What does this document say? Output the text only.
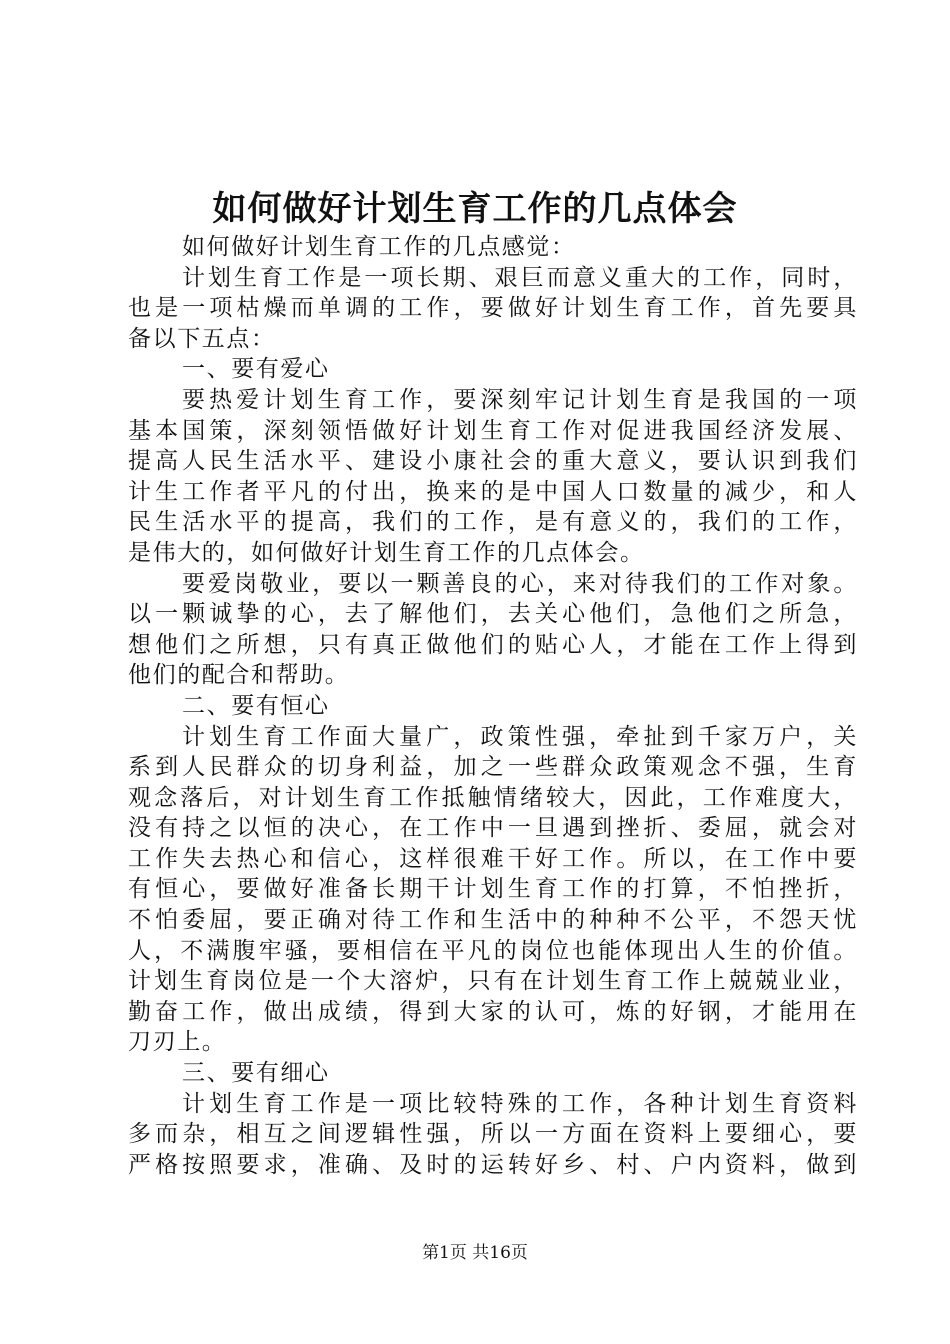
如何做好计划生育工作的几点体会
如何做好计划生育工作的几点感觉：
计划生育工作是一项长期、艰巨而意义重大的工作，同时，
也是一项枯燥而单调的工作，要做好计划生育工作，首先要具
备以下五点：
一、要有爱心
要热爱计划生育工作，要深刻牢记计划生育是我国的一项
基本国策，深刻领悟做好计划生育工作对促进我国经济发展、
提高人民生活水平、建设小康社会的重大意义，要认识到我们
计生工作者平凡的付出，换来的是中国人口数量的减少，和人
民生活水平的提高，我们的工作，是有意义的，我们的工作，
是伟大的，如何做好计划生育工作的几点体会。
要爱岗敬业，要以一颗善良的心，来对待我们的工作对象。
以一颗诚挚的心，去了解他们，去关心他们，急他们之所急，
想他们之所想，只有真正做他们的贴心人，才能在工作上得到
他们的配合和帮助。
二、要有恒心
计划生育工作面大量广，政策性强，牵扯到千家万户，关
系到人民群众的切身利益，加之一些群众政策观念不强，生育
观念落后，对计划生育工作抵触情绪较大，因此，工作难度大，
没有持之以恒的决心，在工作中一旦遇到挫折、委屈，就会对
工作失去热心和信心，这样很难干好工作。所以，在工作中要
有恒心，要做好准备长期干计划生育工作的打算，不怕挫折，
不怕委屈，要正确对待工作和生活中的种种不公平，不怨天忧
人，不满腹牢骚，要相信在平凡的岗位也能体现出人生的价值。
计划生育岗位是一个大溶炉，只有在计划生育工作上兢兢业业，
勤奋工作，做出成绩，得到大家的认可，炼的好钢，才能用在
刀刃上。
三、要有细心
计划生育工作是一项比较特殊的工作，各种计划生育资料
多而杂，相互之间逻辑性强，所以一方面在资料上要细心，要
严格按照要求，准确、及时的运转好乡、村、户内资料，做到
第1页 共16页
